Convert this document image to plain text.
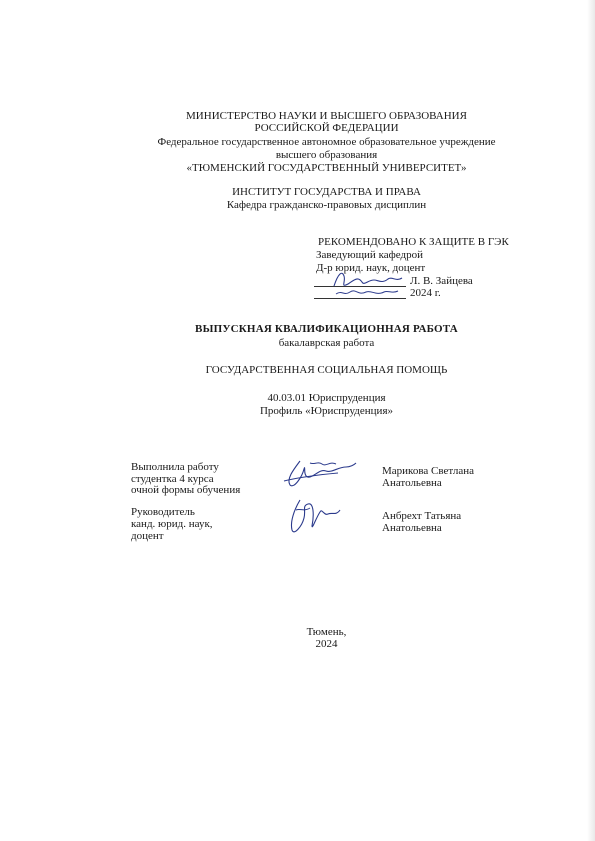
МИНИСТЕРСТВО НАУКИ И ВЫСШЕГО ОБРАЗОВАНИЯ
РОССИЙСКОЙ ФЕДЕРАЦИИ
Федеральное государственное автономное образовательное учреждение
высшего образования
«ТЮМЕНСКИЙ ГОСУДАРСТВЕННЫЙ УНИВЕРСИТЕТ»
ИНСТИТУТ ГОСУДАРСТВА И ПРАВА
Кафедра гражданско-правовых дисциплин
РЕКОМЕНДОВАНО К ЗАЩИТЕ В ГЭК
Заведующий кафедрой
Д-р юрид. наук, доцент
Л. В. Зайцева
2024 г.
ВЫПУСКНАЯ КВАЛИФИКАЦИОННАЯ РАБОТА
бакалаврская работа
ГОСУДАРСТВЕННАЯ СОЦИАЛЬНАЯ ПОМОЩЬ
40.03.01 Юриспруденция
Профиль «Юриспруденция»
Выполнила работу
студентка 4 курса
очной формы обучения
Марикова Светлана
Анатольевна
Руководитель
канд. юрид. наук,
доцент
Анбрехт Татьяна
Анатольевна
Тюмень,
2024
